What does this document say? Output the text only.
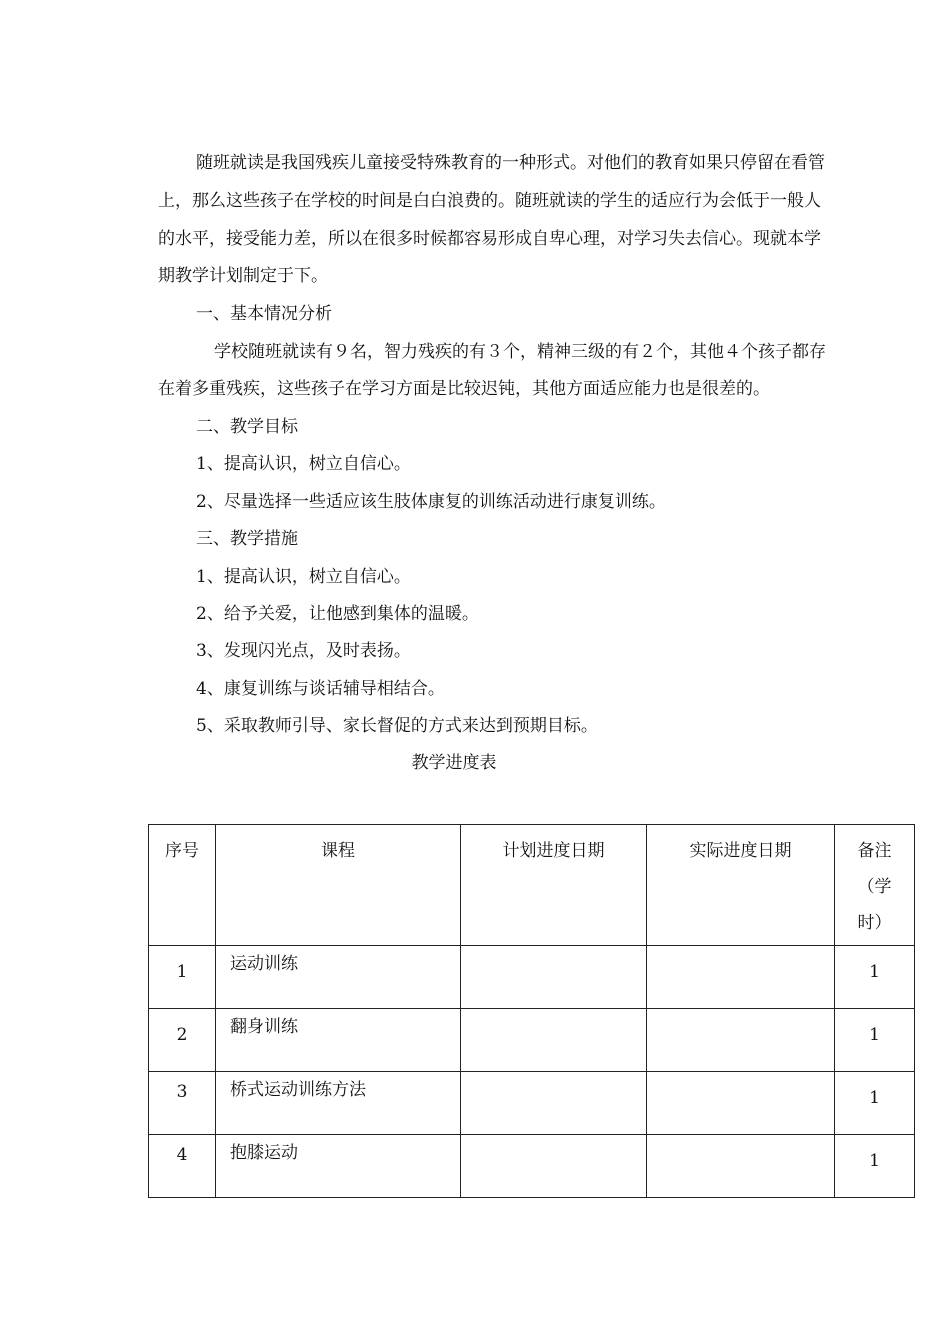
随班就读是我国残疾儿童接受特殊教育的一种形式。对他们的教育如果只停留在看管
上，那么这些孩子在学校的时间是白白浪费的。随班就读的学生的适应行为会低于一般人
的水平，接受能力差，所以在很多时候都容易形成自卑心理，对学习失去信心。现就本学
期教学计划制定于下。
一、基本情况分析
学校随班就读有９名，智力残疾的有３个，精神三级的有２个，其他４个孩子都存
在着多重残疾，这些孩子在学习方面是比较迟钝，其他方面适应能力也是很差的。
二、教学目标
1、提高认识，树立自信心。
2、尽量选择一些适应该生肢体康复的训练活动进行康复训练。
三、教学措施
1、提高认识，树立自信心。
2、给予关爱，让他感到集体的温暖。
3、发现闪光点，及时表扬。
4、康复训练与谈话辅导相结合。
5、采取教师引导、家长督促的方式来达到预期目标。
教学进度表
序号	课程	计划进度日期	实际进度日期	备注
（学
时）

1	运动训练			1
2	翻身训练			1
3	桥式运动训练方法			1
4	抱膝运动			1
